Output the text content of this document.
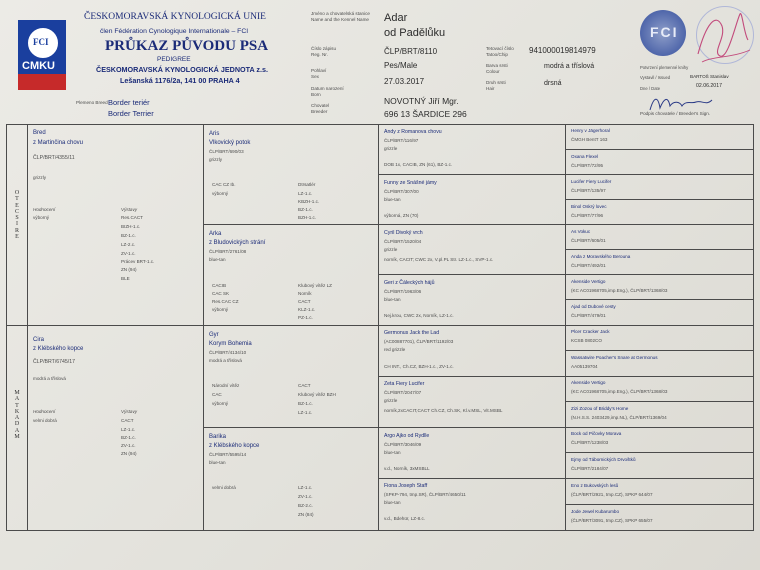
FCI
CMKU
ČESKOMORAVSKÁ KYNOLOGICKÁ UNIE
člen Fédération Cynologique Internationale – FCI
PRŮKAZ PŮVODU PSA
PEDIGREE
ČESKOMORAVSKÁ KYNOLOGICKÁ JEDNOTA z.s.
Lešanská 1176/2a, 141 00 PRAHA 4
Plemeno Breed Border teriér
Border Terrier
Jméno a chovatelská stanice
Name and the Kennel Name
Číslo zápisu
Reg. Nr.
Pohlaví
Sex
Datum narození
Born
Chovatel
Breeder
Adar
od Padělůku
ČLP/BRT/8110
Pes/Male
27.03.2017
NOVOTNÝ Jiří Mgr.
696 13 ŠARDICE 296
Tetovací číslo
Tatoo/Chip
Barva srsti
Colour
Druh srsti
Hair
941000019814979
modrá a tříslová
drsná
FCI
Potvrzení plemenné knihy
Vystavil / Issued	BARTOŠ Stanislav
Dne / Date	02.06.2017
Podpis chovatele / Breeder's Sign.
O T E C S I R E
M A T K A D A M
Bred
z Martinčina chovu
ČLP/BRT/4355/11
grizzly
Hodnocení
výborný
Výstavy
Res.CACT
BIZH-1.c.
BZ-1.c.
LZ-2.c.
ZV-1.c.
Prácev BRT-1.c.
ZN (94)
BLE
Cira
z Klébského kopce
ČLP/BRT/6745/17
modrá a tříslová
Hodnocení
velmi dobrá
Výstavy
CACT
LZ-1.c.
BZ-1.c.
ZV-1.c.
ZN (94)
Aris
Vlkovický potok
ČLP/BRT/690/03
grizzly
CAC CZ Ib.
výborný
Dtrsatlér
LZ-1.c.
KBZH-1.c.
BZ-1.c.
BZH-1.c.
Arka
z Bludovických strání
ČLP/BRT/2761/08
blue-tan
CACIB
CAC SK
Res.CAC CZ
výborný
Klubový vítěz LZ
Norník
CACT
KLZ-1.c.
PZ-1.c.
Gyr
Korym Bohemia
ČLP/BRT/4134/10
modrá a tříslová
Národní vítěz
CAC
výborný
CACT
Klubový vítěz BZH
BZ-1.c.
LZ-1.c.
Barika
z Klébského kopce
ČLP/BRT/5595/14
blue-tan
velmi dobrá	LZ-1.c.
ZV-1.c.
BZ-2.c.
ZN (84)
Andy z Romanova chovu
ČLP/BRT/116/97
grizzle
DOB 1x, CACIB, ZN (61), BZ-1.c.
Funny ze Snášné jámy
ČLP/BRT/307/00
blue-tan
výborná, ZN (70)
Cyril Divoký vrch
ČLP/BRT/1520/04
grizzle
norník, CACIT; CWC 2x, V.pl.PL Str. LZ-1.c., SVP-1.c.
Geri z Čáleckých hájů
ČLP/BRT/1963/06
blue-tan
Nej.krou, CWC 2x, Norník, LZ-1.c.
Germonus Jack the Lad
(AC00887701), ČLP/BRT/1192/03
red grizzle
CH INT., Ch.CZ, BZH-1.c., ZV-1.c.
Zeta Fiery Lucifer
ČLP/BRT/2047/07
grizzle
norník,2xCACIT,CACT Ch.CZ, Ch.SK, Kl.v.MSL, Vit.MSBL
Argo Ajko od Rydlle
ČLP/BRT/3046/09
blue-tan
v.d., Norník, 3xMSBLL
Fiona Joseph Staff
(SPKP-794, tmp.SR), ČLP/BRT/4650/11
blue-tan
v.d., Bdehür, LZ-8.c.
Henry v Jägerhoral
ČMGH BentT 163
Oxana Flexel
ČLP/BRT/72/95
Lucifer Fiery Lucifer
ČLP/BRT/135/97
Binol Oskrý lovec
ČLP/BRT/77/96
As Vokuc
ČLP/BRT/605/01
Anda z Moravského Berouna
ČLP/BRT/492/01
Akenside Vertigo
(KC AC01968705,imp.Eng.), ČLP/BRT/1368/03
Ajad od Dubové cesty
ČLP/BRT/479/01
Plcer Cracker Jack
KCSB 0802CO
Wassatwire Poacher's Snare at Germonus
AA05139704
Akenside Vertigo
(KC AC01968705,imp.Eng.), ČLP/BRT/1368/03
Zizi Zozou of Briddy's Home
(N.H.S.S. 2403429,imp.NL), ČLP/BRT/1369/04
Bock od Pičovky Morava
ČLP/BRT/1238/03
Ejmy od Tábornických Drvoštků
ČLP/BRT/2184/07
Eno z Bukovských lesů
(ČLP/BRT/2921, tmp.CZ), SPKP 644/07
Jode Jewel Kubarumbo
(ČLP/BRT/3091, tmp.CZ), SPKP 655/07
